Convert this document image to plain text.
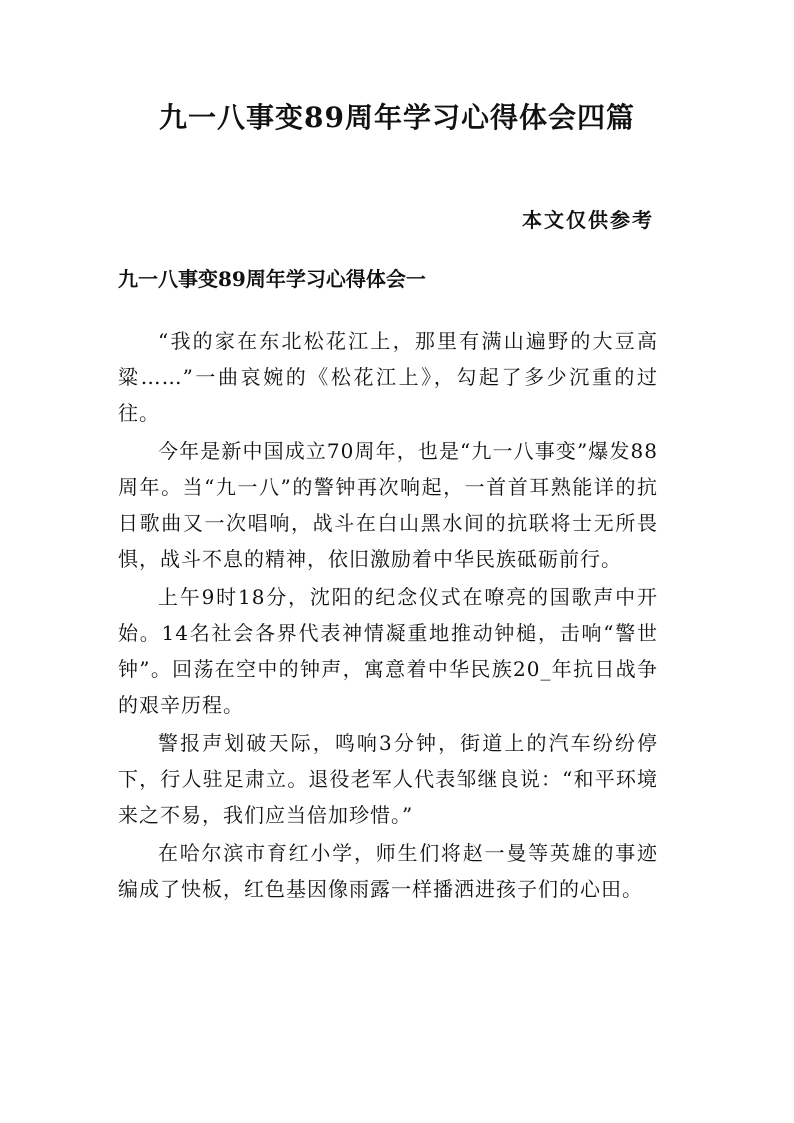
九一八事变89周年学习心得体会四篇
本文仅供参考
九一八事变89周年学习心得体会一

“我的家在东北松花江上，那里有满山遍野的大豆高粱……”一曲哀婉的《松花江上》，勾起了多少沉重的过往。

今年是新中国成立70周年，也是“九一八事变”爆发88周年。当“九一八”的警钟再次响起，一首首耳熟能详的抗日歌曲又一次唱响，战斗在白山黑水间的抗联将士无所畏惧，战斗不息的精神，依旧激励着中华民族砥砺前行。

上午9时18分，沈阳的纪念仪式在嘹亮的国歌声中开始。14名社会各界代表神情凝重地推动钟槌，击响“警世钟”。回荡在空中的钟声，寓意着中华民族20_年抗日战争的艰辛历程。

警报声划破天际，鸣响3分钟，街道上的汽车纷纷停下，行人驻足肃立。退役老军人代表邹继良说：“和平环境来之不易，我们应当倍加珍惜。”

在哈尔滨市育红小学，师生们将赵一曼等英雄的事迹编成了快板，红色基因像雨露一样播洒进孩子们的心田。
